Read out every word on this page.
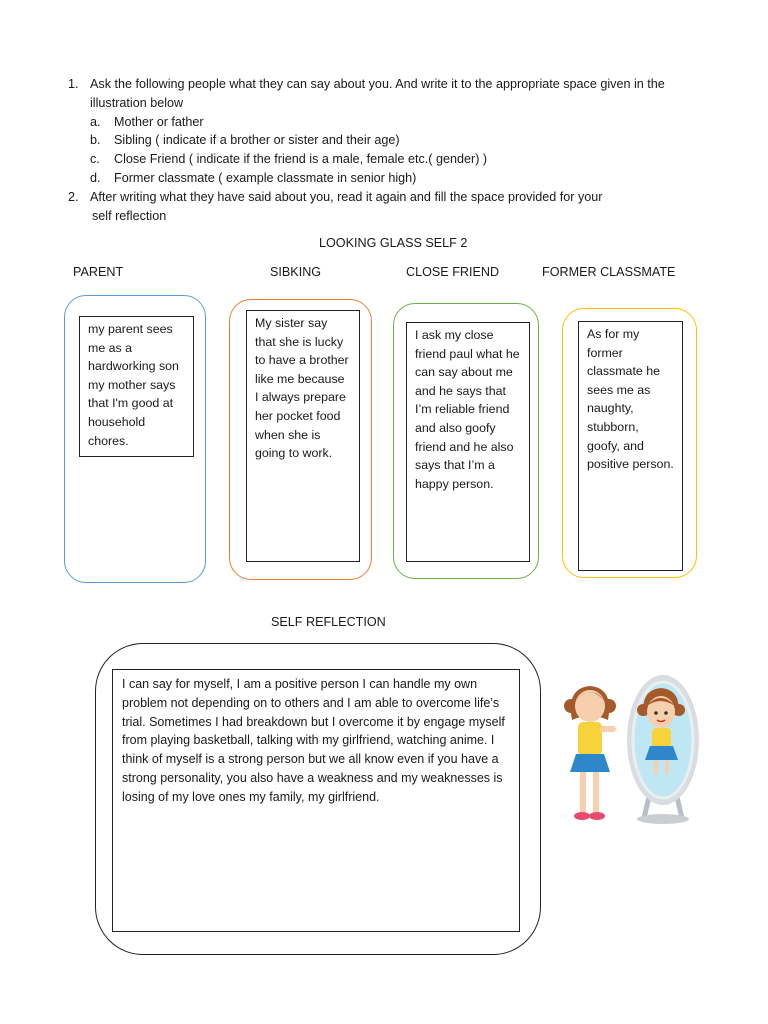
1. Ask the following people what they can say about you. And write it to the appropriate space given in the
illustration below
a.	Mother or father
b.	Sibling ( indicate if a brother or sister and their age)
c.	Close Friend ( indicate if the friend is a male, female etc.( gender) )
d.	Former classmate ( example classmate in senior high)
2. After writing what they have said about you, read it again and fill the space provided for your
self reflection
LOOKING GLASS SELF 2
PARENT	SIBKING	CLOSE FRIEND	FORMER CLASSMATE
my parent sees me as a hardworking son my mother says that I'm good at household chores.
My sister say that she is lucky to have a brother like me because I always prepare her pocket food when she is going to work.
I ask my close friend paul what he can say about me and he says that I’m reliable friend and also goofy friend and he also says that I’m a happy person.
As for my former classmate he sees me as naughty, stubborn, goofy, and positive person.
SELF REFLECTION
I can say for myself, I am a positive person I can handle my own problem not depending on to others and I am able to overcome life’s trial. Sometimes I had breakdown but I overcome it by engage myself from playing basketball, talking with my girlfriend, watching anime. I think of myself is a strong person but we all know even if you have a strong personality, you also have a weakness and my weaknesses is losing of my love ones my family, my girlfriend.
